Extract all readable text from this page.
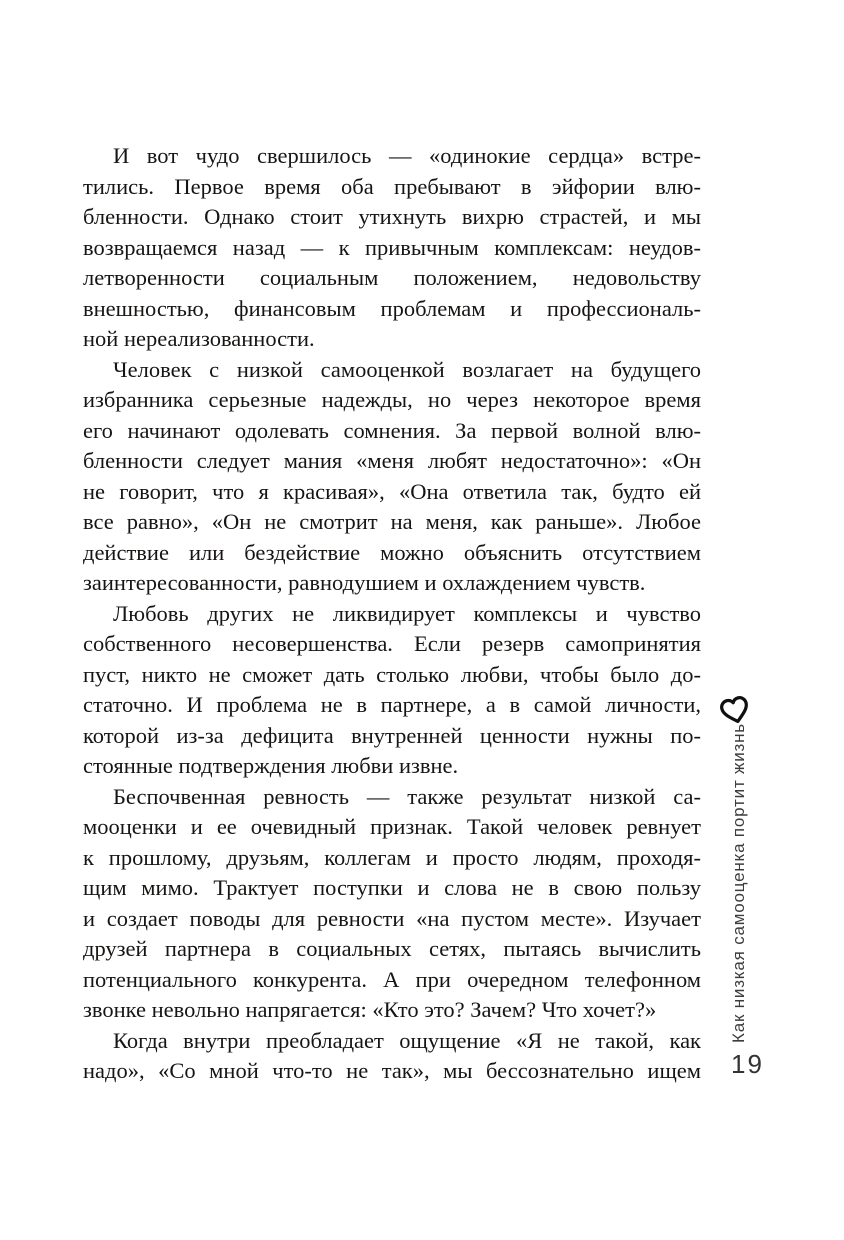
И вот чудо свершилось — «одинокие сердца» встре-
тились. Первое время оба пребывают в эйфории влю-
бленности. Однако стоит утихнуть вихрю страстей, и мы
возвращаемся назад — к привычным комплексам: неудов-
летворенности социальным положением, недовольству
внешностью, финансовым проблемам и профессиональ-
ной нереализованности.
Человек с низкой самооценкой возлагает на будущего
избранника серьезные надежды, но через некоторое время
его начинают одолевать сомнения. За первой волной влю-
бленности следует мания «меня любят недостаточно»: «Он
не говорит, что я красивая», «Она ответила так, будто ей
все равно», «Он не смотрит на меня, как раньше». Любое
действие или бездействие можно объяснить отсутствием
заинтересованности, равнодушием и охлаждением чувств.
Любовь других не ликвидирует комплексы и чувство
собственного несовершенства. Если резерв самопринятия
пуст, никто не сможет дать столько любви, чтобы было до-
статочно. И проблема не в партнере, а в самой личности,
которой из-за дефицита внутренней ценности нужны по-
стоянные подтверждения любви извне.
Беспочвенная ревность — также результат низкой са-
мооценки и ее очевидный признак. Такой человек ревнует
к прошлому, друзьям, коллегам и просто людям, проходя-
щим мимо. Трактует поступки и слова не в свою пользу
и создает поводы для ревности «на пустом месте». Изучает
друзей партнера в социальных сетях, пытаясь вычислить
потенциального конкурента. А при очередном телефонном
звонке невольно напрягается: «Кто это? Зачем? Что хочет?»
Когда внутри преобладает ощущение «Я не такой, как
надо», «Со мной что-то не так», мы бессознательно ищем
Как низкая самооценка портит жизнь
19
